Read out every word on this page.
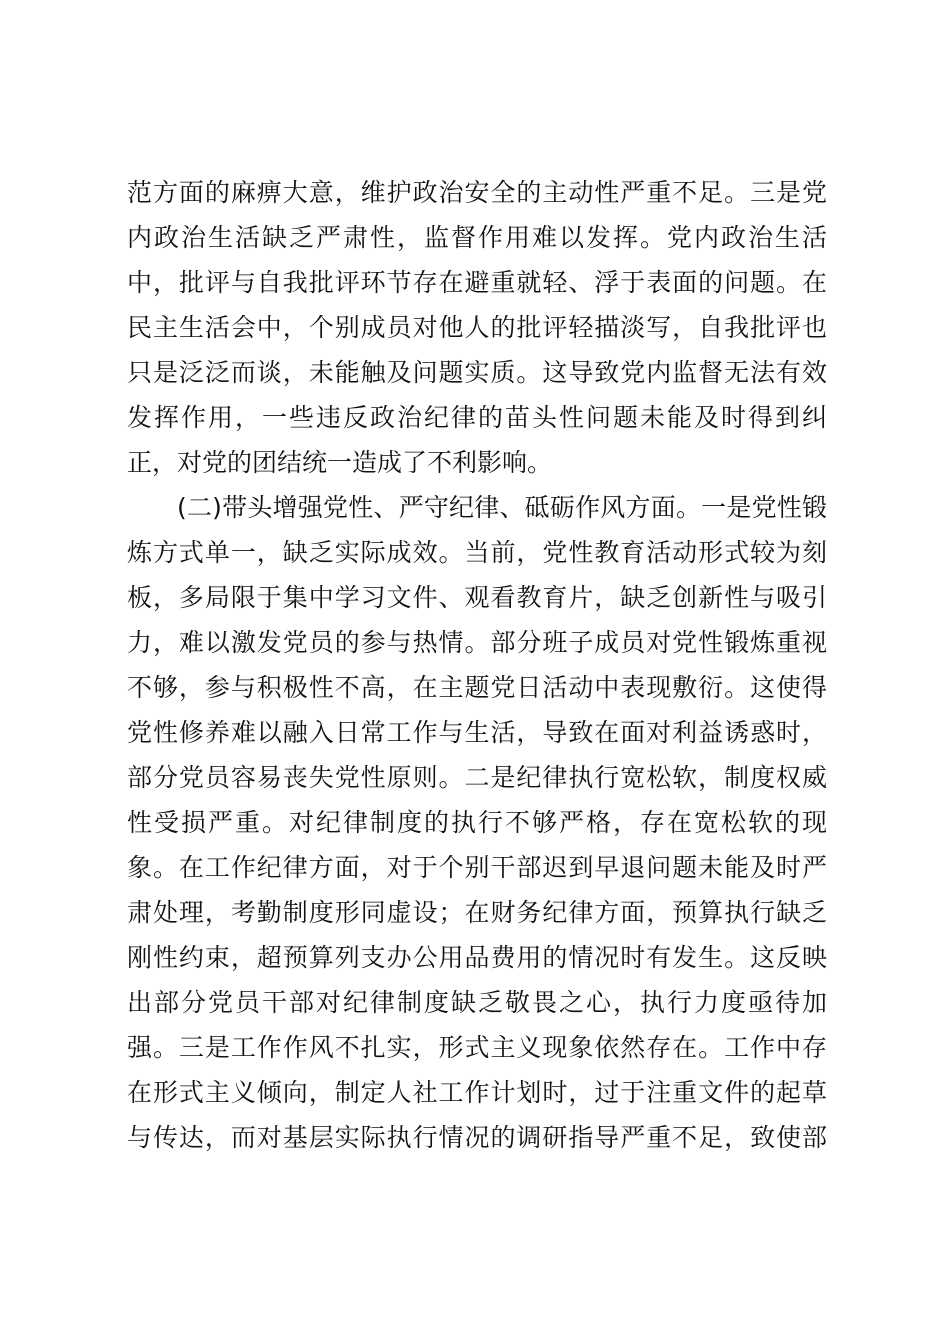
范方面的麻痹大意，维护政治安全的主动性严重不足。三是党
内政治生活缺乏严肃性，监督作用难以发挥。党内政治生活
中，批评与自我批评环节存在避重就轻、浮于表面的问题。在
民主生活会中，个别成员对他人的批评轻描淡写，自我批评也
只是泛泛而谈，未能触及问题实质。这导致党内监督无法有效
发挥作用，一些违反政治纪律的苗头性问题未能及时得到纠
正，对党的团结统一造成了不利影响。
(二)带头增强党性、严守纪律、砥砺作风方面。一是党性锻
炼方式单一，缺乏实际成效。当前，党性教育活动形式较为刻
板，多局限于集中学习文件、观看教育片，缺乏创新性与吸引
力，难以激发党员的参与热情。部分班子成员对党性锻炼重视
不够，参与积极性不高，在主题党日活动中表现敷衍。这使得
党性修养难以融入日常工作与生活，导致在面对利益诱惑时，
部分党员容易丧失党性原则。二是纪律执行宽松软，制度权威
性受损严重。对纪律制度的执行不够严格，存在宽松软的现
象。在工作纪律方面，对于个别干部迟到早退问题未能及时严
肃处理，考勤制度形同虚设；在财务纪律方面，预算执行缺乏
刚性约束，超预算列支办公用品费用的情况时有发生。这反映
出部分党员干部对纪律制度缺乏敬畏之心，执行力度亟待加
强。三是工作作风不扎实，形式主义现象依然存在。工作中存
在形式主义倾向，制定人社工作计划时，过于注重文件的起草
与传达，而对基层实际执行情况的调研指导严重不足，致使部
